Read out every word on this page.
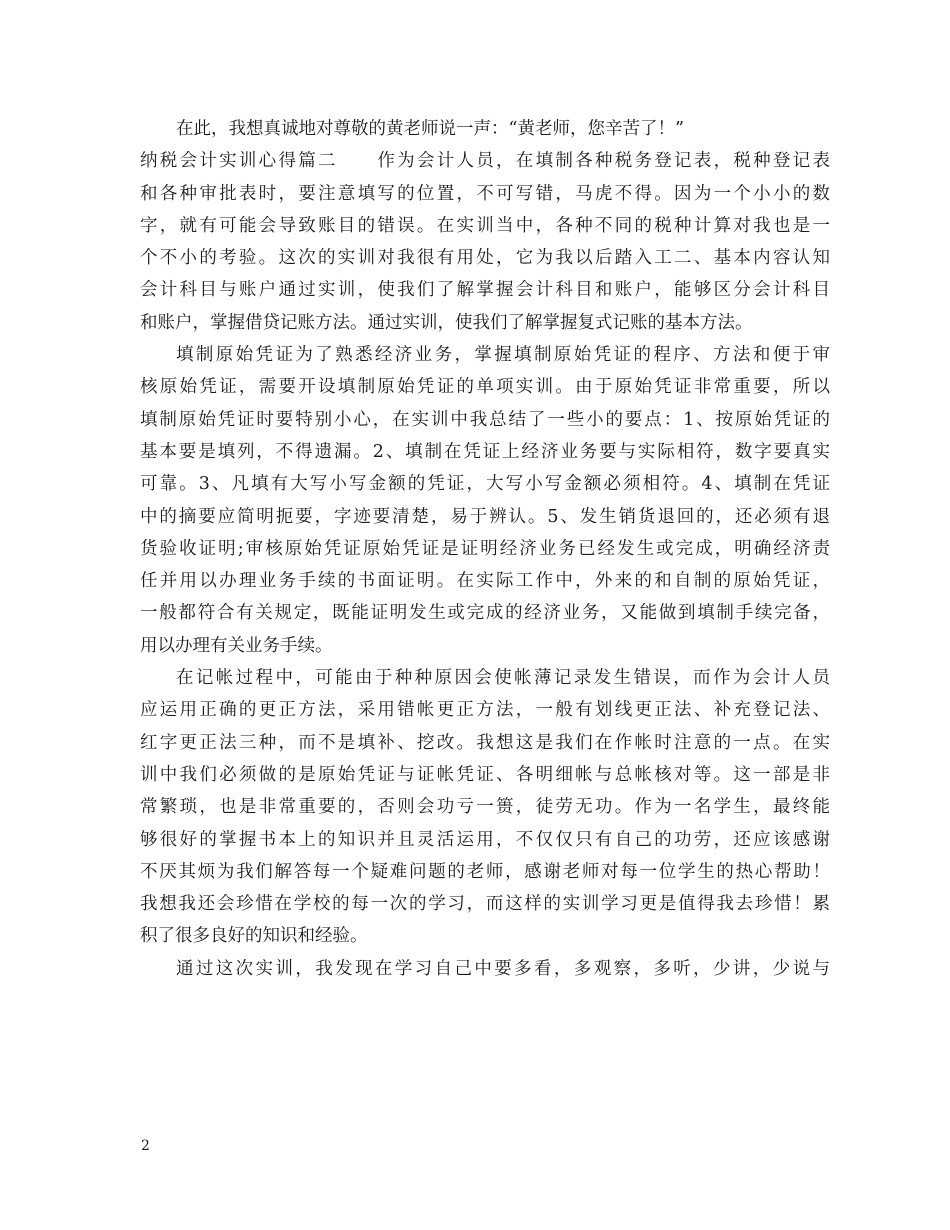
在此，我想真诚地对尊敬的黄老师说一声：“黄老师，您辛苦了！”
纳税会计实训心得篇二　　作为会计人员，在填制各种税务登记表，税种登记表
和各种审批表时，要注意填写的位置，不可写错，马虎不得。因为一个小小的数
字，就有可能会导致账目的错误。在实训当中，各种不同的税种计算对我也是一
个不小的考验。这次的实训对我很有用处，它为我以后踏入工二、基本内容认知
会计科目与账户通过实训，使我们了解掌握会计科目和账户，能够区分会计科目
和账户，掌握借贷记账方法。通过实训，使我们了解掌握复式记账的基本方法。
填制原始凭证为了熟悉经济业务，掌握填制原始凭证的程序、方法和便于审
核原始凭证，需要开设填制原始凭证的单项实训。由于原始凭证非常重要，所以
填制原始凭证时要特别小心，在实训中我总结了一些小的要点：1、按原始凭证的
基本要是填列，不得遗漏。2、填制在凭证上经济业务要与实际相符，数字要真实
可靠。3、凡填有大写小写金额的凭证，大写小写金额必须相符。4、填制在凭证
中的摘要应简明扼要，字迹要清楚，易于辨认。5、发生销货退回的，还必须有退
货验收证明;审核原始凭证原始凭证是证明经济业务已经发生或完成，明确经济责
任并用以办理业务手续的书面证明。在实际工作中，外来的和自制的原始凭证，
一般都符合有关规定，既能证明发生或完成的经济业务，又能做到填制手续完备，
用以办理有关业务手续。
在记帐过程中，可能由于种种原因会使帐薄记录发生错误，而作为会计人员
应运用正确的更正方法，采用错帐更正方法，一般有划线更正法、补充登记法、
红字更正法三种，而不是填补、挖改。我想这是我们在作帐时注意的一点。在实
训中我们必须做的是原始凭证与证帐凭证、各明细帐与总帐核对等。这一部是非
常繁琐，也是非常重要的，否则会功亏一篑，徒劳无功。作为一名学生，最终能
够很好的掌握书本上的知识并且灵活运用，不仅仅只有自己的功劳，还应该感谢
不厌其烦为我们解答每一个疑难问题的老师，感谢老师对每一位学生的热心帮助！
我想我还会珍惜在学校的每一次的学习，而这样的实训学习更是值得我去珍惜！累
积了很多良好的知识和经验。
通过这次实训，我发现在学习自己中要多看，多观察，多听，少讲，少说与
2
